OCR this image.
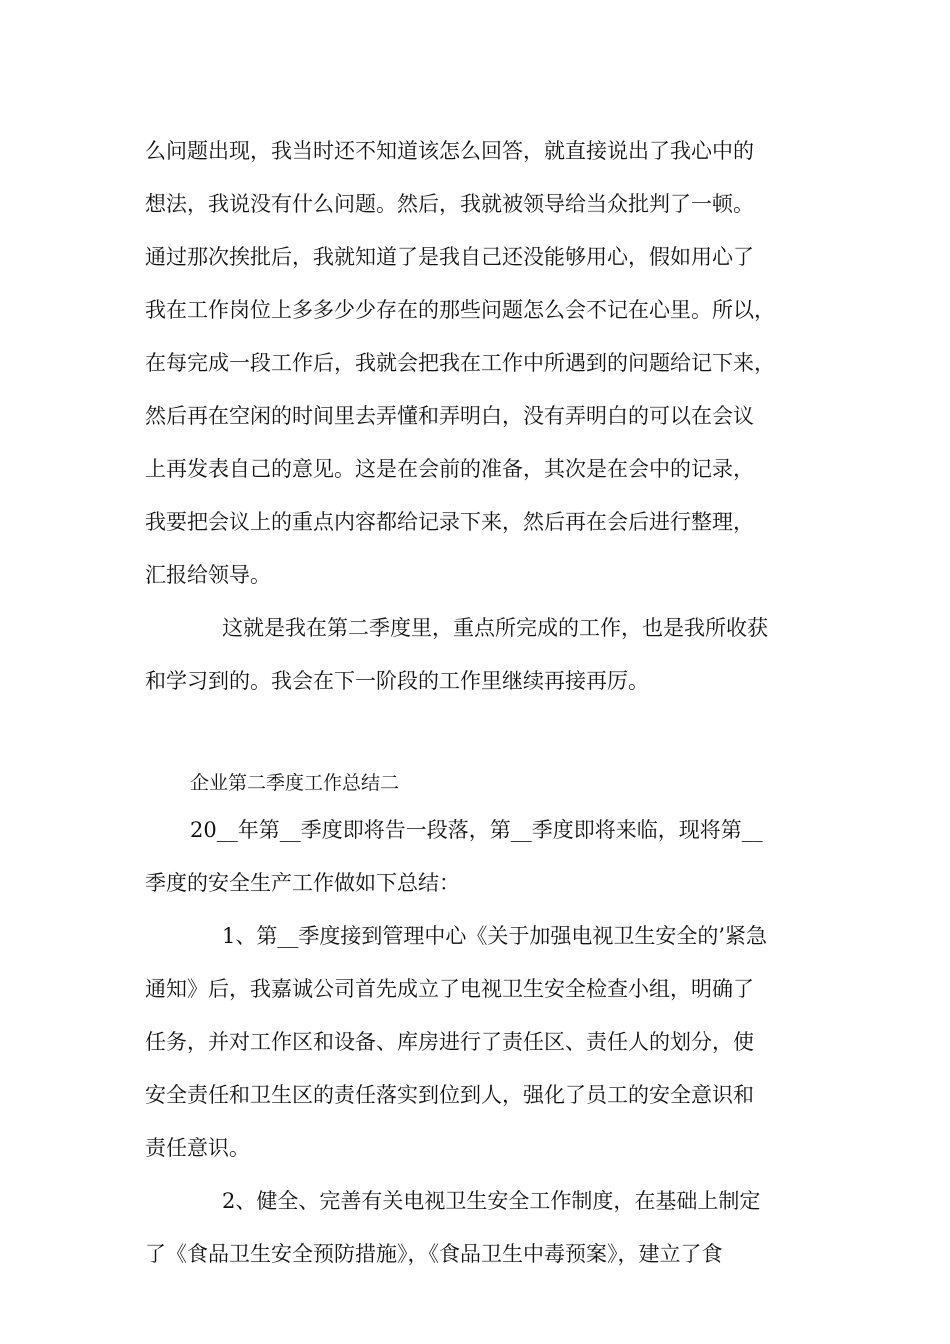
么问题出现，我当时还不知道该怎么回答，就直接说出了我心中的
想法，我说没有什么问题。然后，我就被领导给当众批判了一顿。
通过那次挨批后，我就知道了是我自己还没能够用心，假如用心了
我在工作岗位上多多少少存在的那些问题怎么会不记在心里。所以，
在每完成一段工作后，我就会把我在工作中所遇到的问题给记下来，
然后再在空闲的时间里去弄懂和弄明白，没有弄明白的可以在会议
上再发表自己的意见。这是在会前的准备，其次是在会中的记录，
我要把会议上的重点内容都给记录下来，然后再在会后进行整理，
汇报给领导。
这就是我在第二季度里，重点所完成的工作，也是我所收获
和学习到的。我会在下一阶段的工作里继续再接再厉。
企业第二季度工作总结二
20__年第__季度即将告一段落，第__季度即将来临，现将第__
季度的安全生产工作做如下总结：
1、第__季度接到管理中心《关于加强电视卫生安全的’紧急
通知》后，我嘉诚公司首先成立了电视卫生安全检查小组，明确了
任务，并对工作区和设备、库房进行了责任区、责任人的划分，使
安全责任和卫生区的责任落实到位到人，强化了员工的安全意识和
责任意识。
2、健全、完善有关电视卫生安全工作制度，在基础上制定
了《食品卫生安全预防措施》，《食品卫生中毒预案》，建立了食
